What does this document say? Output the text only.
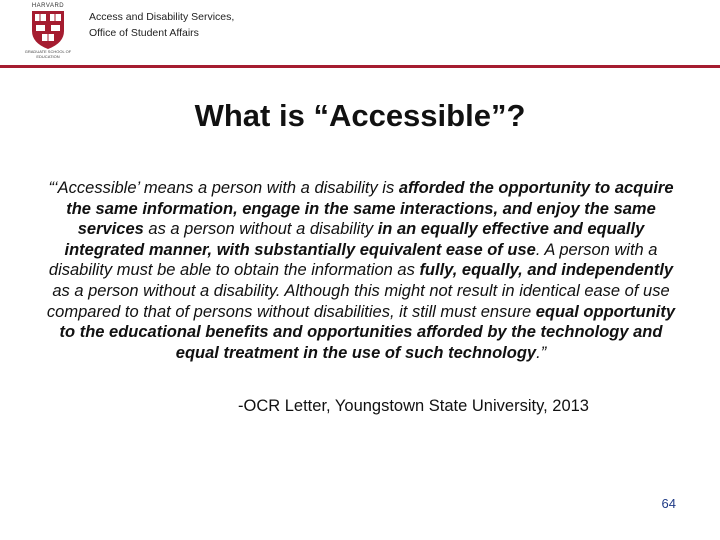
HARVARD
GRADUATE SCHOOL OF EDUCATION
Access and Disability Services,
Office of Student Affairs
What is “Accessible”?
“‘Accessible’ means a person with a disability is afforded the opportunity to acquire the same information, engage in the same interactions, and enjoy the same services as a person without a disability in an equally effective and equally integrated manner, with substantially equivalent ease of use. A person with a disability must be able to obtain the information as fully, equally, and independently as a person without a disability. Although this might not result in identical ease of use compared to that of persons without disabilities, it still must ensure equal opportunity to the educational benefits and opportunities afforded by the technology and equal treatment in the use of such technology.”
-OCR Letter, Youngstown State University, 2013
64
